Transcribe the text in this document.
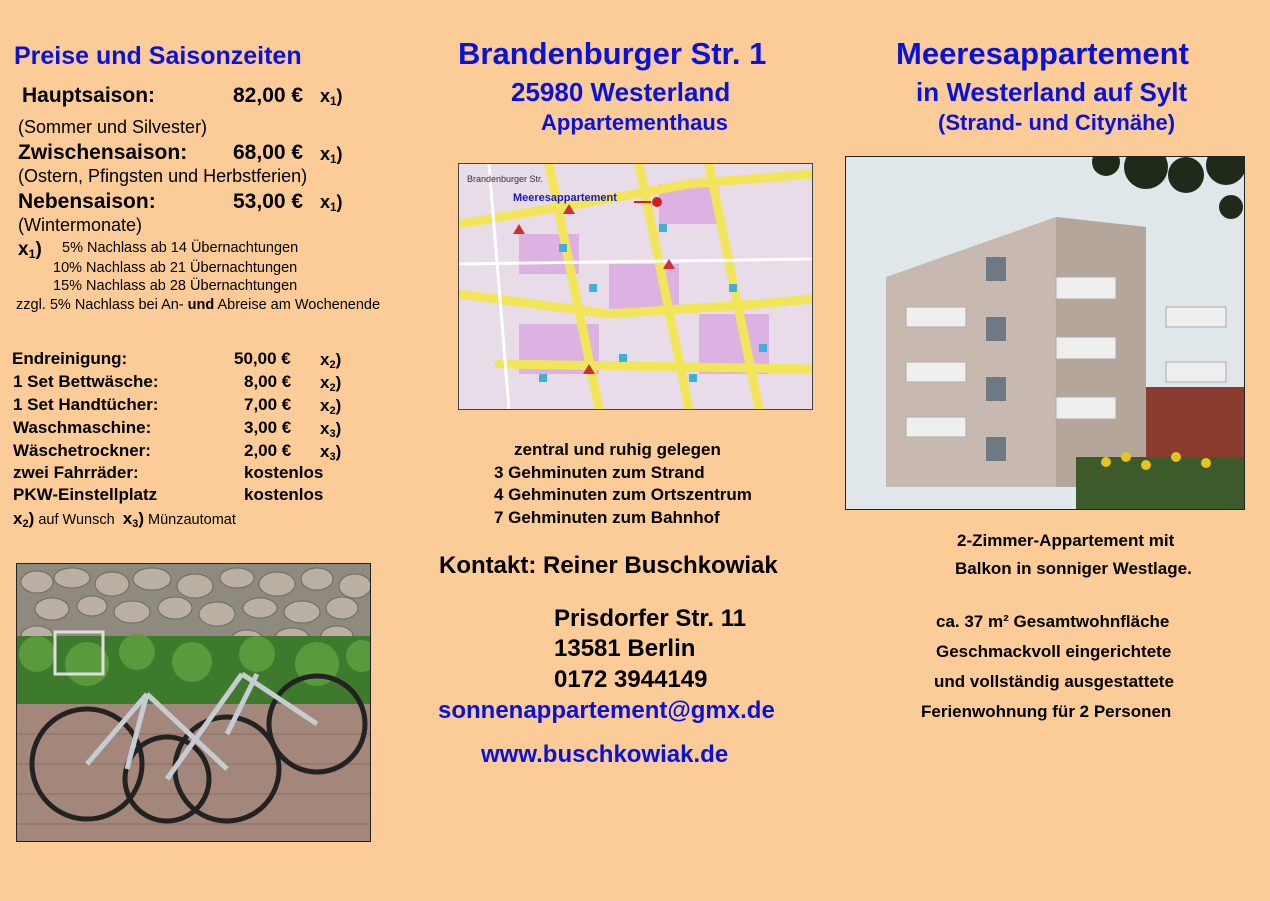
Preise und Saisonzeiten
Hauptsaison:	82,00 € $x_1$)
(Sommer und Silvester)
Zwischensaison: 68,00 € $x_1$)
(Ostern, Pfingsten und Herbstferien)
Nebensaison:	53,00 € $x_1$)
(Wintermonate)
$x_1$) 5% Nachlass ab 14 Übernachtungen
10% Nachlass ab 21 Übernachtungen
15% Nachlass ab 28 Übernachtungen
zzgl. 5% Nachlass bei An- und Abreise am Wochenende
Endreinigung:	50,00 € $x_2$)
1 Set Bettwäsche:	8,00 € $x_2$)
1 Set Handtücher:	7,00 € $x_2$)
Waschmaschine:	3,00 € $x_3$)
Wäschetrockner:	2,00 € $x_3$)
zwei Fahrräder:	kostenlos
PKW-Einstellplatz	kostenlos
$x_2$) auf Wunsch $x_3$) Münzautomat
Brandenburger Str. 1
25980 Westerland
Appartementhaus
Brandenburger Str.
Meeresappartement
zentral und ruhig gelegen
3 Gehminuten zum Strand
4 Gehminuten zum Ortszentrum
7 Gehminuten zum Bahnhof
Kontakt: Reiner Buschkowiak
Prisdorfer Str. 11
13581 Berlin
0172 3944149
sonnenappartement@gmx.de
www.buschkowiak.de
Meeresappartement
in Westerland auf Sylt
(Strand- und Citynähe)
2-Zimmer-Appartement mit
Balkon in sonniger Westlage.
ca. 37 m² Gesamtwohnfläche
Geschmackvoll eingerichtete
und vollständig ausgestattete
Ferienwohnung für 2 Personen
